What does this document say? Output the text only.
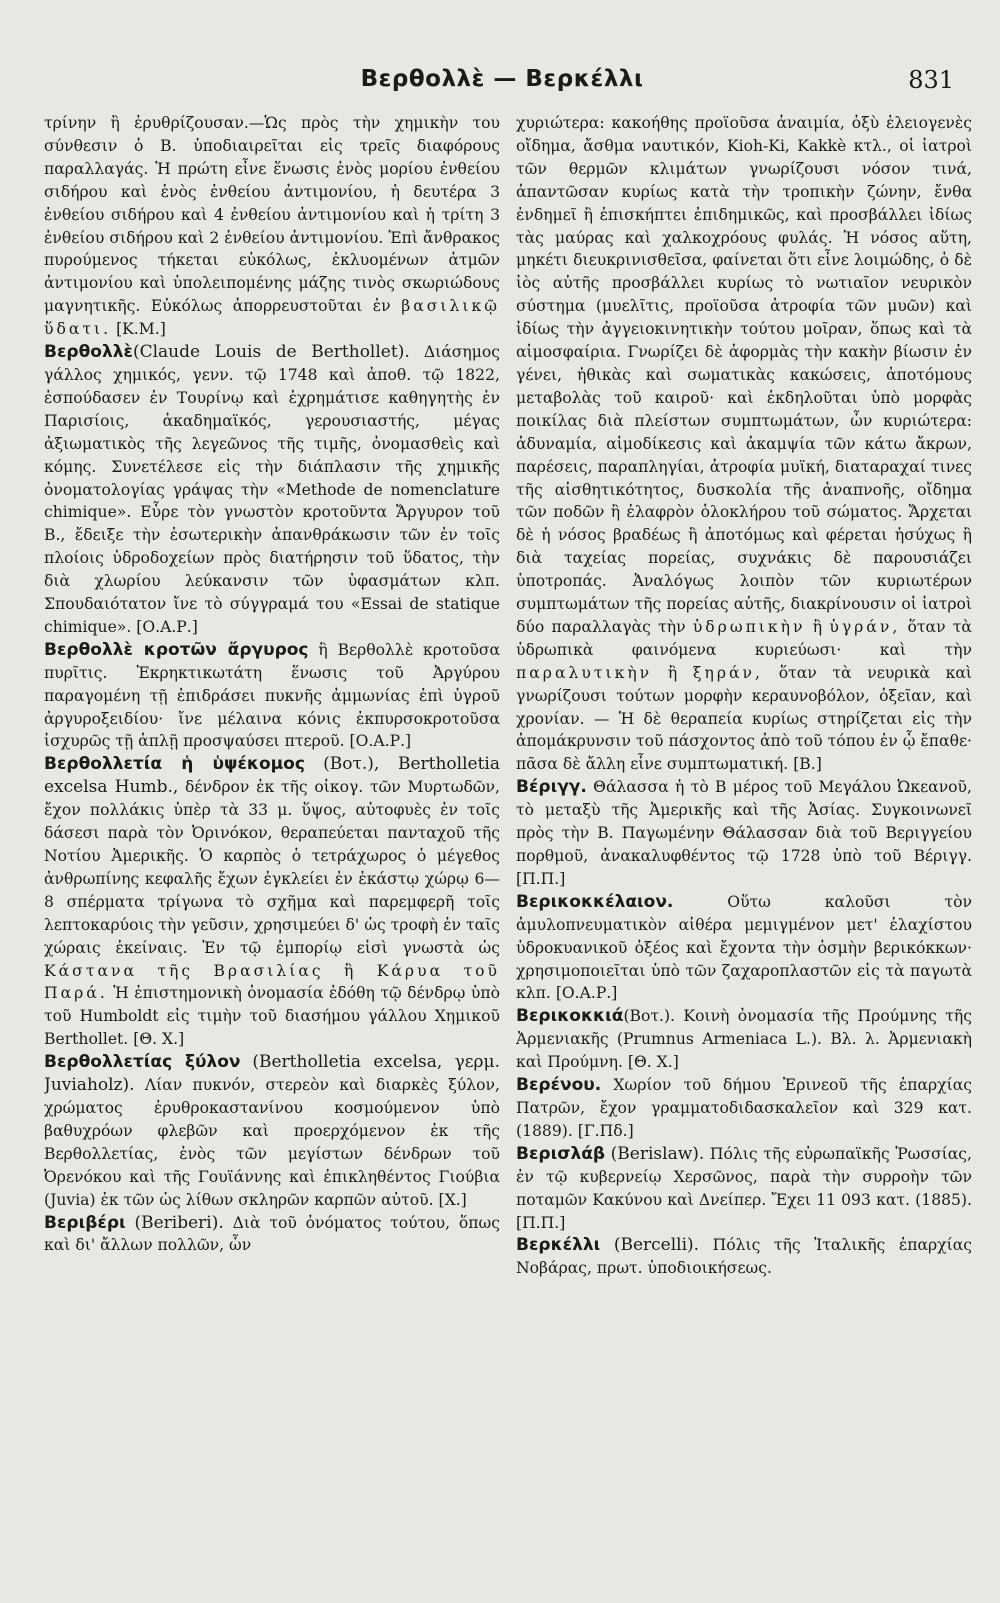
Βερθολλὲ — Βερκέλλι	831

τρίνην ἢ ἐρυθρίζουσαν.—Ὡς πρὸς τὴν χημικὴν του σύνθεσιν ὁ Β. ὑποδιαιρεῖται εἰς τρεῖς διαφόρους παραλλαγάς. Ἡ πρώτη εἶνε ἕνωσις ἑνὸς μορίου ἐνθείου σιδήρου καὶ ἑνὸς ἐνθείου ἀντιμονίου, ἡ δευτέρα 3 ἐνθείου σιδήρου καὶ 4 ἐνθείου ἀντιμονίου καὶ ἡ τρίτη 3 ἐνθείου σιδήρου καὶ 2 ἐνθείου ἀντιμονίου. Ἐπὶ ἄνθρακος πυρούμενος τήκεται εὐκόλως, ἐκλυομένων ἀτμῶν ἀντιμονίου καὶ ὑπολειπομένης μάζης τινὸς σκωριώδους μαγνητικῆς. Εὐκόλως ἀπορρευστοῦται ἐν βασιλικῷ ὕδατι. [Κ.Μ.]

Βερθολλὲ(Claude Louis de Berthollet). Διάσημος γάλλος χημικός, γενν. τῷ 1748 καὶ ἀποθ. τῷ 1822, ἐσπούδασεν ἐν Τουρίνῳ καὶ ἐχρημάτισε καθηγητὴς ἐν Παρισίοις, ἀκαδημαϊκός, γερουσιαστής, μέγας ἀξιωματικὸς τῆς λεγεῶνος τῆς τιμῆς, ὀνομασθεὶς καὶ κόμης. Συνετέλεσε εἰς τὴν διάπλασιν τῆς χημικῆς ὀνοματολογίας γράψας τὴν «Methode de nomenclature chimique». Εὗρε τὸν γνωστὸν κροτοῦντα Ἄργυρον τοῦ Β., ἔδειξε τὴν ἐσωτερικὴν ἀπανθράκωσιν τῶν ἐν τοῖς πλοίοις ὑδροδοχείων πρὸς διατήρησιν τοῦ ὕδατος, τὴν διὰ χλωρίου λεύκανσιν τῶν ὑφασμάτων κλπ. Σπουδαιότατον ἴνε τὸ σύγγραμά του «Essai de statique chimique». [Ο.Α.Ρ.]

Βερθολλὲ κροτῶν ἄργυρος ἢ Βερθολλὲ κροτοῦσα πυρῖτις. Ἐκρηκτικωτάτη ἕνωσις τοῦ Ἀργύρου παραγομένη τῇ ἐπιδράσει πυκνῆς ἀμμωνίας ἐπὶ ὑγροῦ ἀργυροξειδίου· ἴνε μέλαινα κόνις ἐκπυρσοκροτοῦσα ἰσχυρῶς τῇ ἁπλῇ προσψαύσει πτεροῦ. [Ο.Α.Ρ.]

Βερθολλετία ἡ ὑψέκομος (Βοτ.), Bertholletia excelsa Humb., δένδρον ἐκ τῆς οἰκογ. τῶν Μυρτωδῶν, ἔχον πολλάκις ὑπὲρ τὰ 33 μ. ὕψος, αὐτοφυὲς ἐν τοῖς δάσεσι παρὰ τὸν Ὀρινόκον, θεραπεύεται πανταχοῦ τῆς Νοτίου Ἀμερικῆς. Ὁ καρπὸς ὁ τετράχωρος ὁ μέγεθος ἀνθρωπίνης κεφαλῆς ἔχων ἐγκλείει ἐν ἑκάστῳ χώρῳ 6—8 σπέρματα τρίγωνα τὸ σχῆμα καὶ παρεμφερῆ τοῖς λεπτοκαρύοις τὴν γεῦσιν, χρησιμεύει δ' ὡς τροφὴ ἐν ταῖς χώραις ἐκείναις. Ἐν τῷ ἐμπορίῳ εἰσὶ γνωστὰ ὡς Κάστανα τῆς Βρασιλίας ἢ Κάρυα τοῦ Παρά. Ἡ ἐπιστημονικὴ ὀνομασία ἐδόθη τῷ δένδρῳ ὑπὸ τοῦ Humboldt εἰς τιμὴν τοῦ διασήμου γάλλου Χημικοῦ Berthollet. [Θ. Χ.]

Βερθολλετίας ξύλον (Bertholletia excelsa, γερμ. Juviaholz). Λίαν πυκνόν, στερεὸν καὶ διαρκὲς ξύλον, χρώματος ἐρυθροκαστανίνου κοσμούμενον ὑπὸ βαθυχρόων φλεβῶν καὶ προερχόμενον ἐκ τῆς Βερθολλετίας, ἑνὸς τῶν μεγίστων δένδρων τοῦ Ὀρενόκου καὶ τῆς Γουϊάννης καὶ ἐπικληθέντος Γιούβια (Juvia) ἐκ τῶν ὡς λίθων σκληρῶν καρπῶν αὐτοῦ. [Χ.]

Βεριβέρι (Beriberi). Διὰ τοῦ ὀνόματος τούτου, ὅπως καὶ δι' ἄλλων πολλῶν, ὧν

χυριώτερα: κακοήθης προϊοῦσα ἀναιμία, ὀξὺ ἑλειογενὲς οἴδημα, ἄσθμα ναυτικόν, Kioh-Ki, Kakkè κτλ., οἱ ἰατροὶ τῶν θερμῶν κλιμάτων γνωρίζουσι νόσον τινά, ἀπαντῶσαν κυρίως κατὰ τὴν τροπικὴν ζώνην, ἔνθα ἐνδημεῖ ἢ ἐπισκήπτει ἐπιδημικῶς, καὶ προσβάλλει ἰδίως τὰς μαύρας καὶ χαλκοχρόους φυλάς. Ἡ νόσος αὕτη, μηκέτι διευκρινισθεῖσα, φαίνεται ὅτι εἶνε λοιμώδης, ὁ δὲ ἰὸς αὐτῆς προσβάλλει κυρίως τὸ νωτιαῖον νευρικὸν σύστημα (μυελῖτις, προϊοῦσα ἀτροφία τῶν μυῶν) καὶ ἰδίως τὴν ἀγγειοκινητικὴν τούτου μοῖραν, ὅπως καὶ τὰ αἱμοσφαίρια. Γνωρίζει δὲ ἀφορμὰς τὴν κακὴν βίωσιν ἐν γένει, ἠθικὰς καὶ σωματικὰς κακώσεις, ἀποτόμους μεταβολὰς τοῦ καιροῦ· καὶ ἐκδηλοῦται ὑπὸ μορφὰς ποικίλας διὰ πλείστων συμπτωμάτων, ὧν κυριώτερα: ἀδυναμία, αἱμοδίκεσις καὶ ἀκαμψία τῶν κάτω ἄκρων, παρέσεις, παραπληγίαι, ἀτροφία μυϊκή, διαταραχαί τινες τῆς αἰσθητικότητος, δυσκολία τῆς ἀναπνοῆς, οἴδημα τῶν ποδῶν ἢ ἐλαφρὸν ὁλοκλήρου τοῦ σώματος. Ἄρχεται δὲ ἡ νόσος βραδέως ἢ ἀποτόμως καὶ φέρεται ἡσύχως ἢ διὰ ταχείας πορείας, συχνάκις δὲ παρουσιάζει ὑποτροπάς. Ἀναλόγως λοιπὸν τῶν κυριωτέρων συμπτωμάτων τῆς πορείας αὐτῆς, διακρίνουσιν οἱ ἰατροὶ δύο παραλλαγὰς τὴν ὑδρωπικὴν ἢ ὑγράν, ὅταν τὰ ὑδρωπικὰ φαινόμενα κυριεύωσι· καὶ τὴν παραλυτικὴν ἢ ξηράν, ὅταν τὰ νευρικὰ καὶ γνωρίζουσι τούτων μορφὴν κεραυνοβόλον, ὀξεῖαν, καὶ χρονίαν. — Ἡ δὲ θεραπεία κυρίως στηρίζεται εἰς τὴν ἀπομάκρυνσιν τοῦ πάσχοντος ἀπὸ τοῦ τόπου ἐν ᾧ ἔπαθε· πᾶσα δὲ ἄλλη εἶνε συμπτωματική. [Β.]

Βέριγγ. Θάλασσα ἡ τὸ Β μέρος τοῦ Μεγάλου Ὠκεανοῦ, τὸ μεταξὺ τῆς Ἀμερικῆς καὶ τῆς Ἀσίας. Συγκοινωνεῖ πρὸς τὴν Β. Παγωμένην Θάλασσαν διὰ τοῦ Βεριγγείου πορθμοῦ, ἀνακαλυφθέντος τῷ 1728 ὑπὸ τοῦ Βέριγγ. [Π.Π.]

Βερικοκκέλαιον.	Οὕτω καλοῦσι τὸν ἀμυλοπνευματικὸν αἰθέρα μεμιγμένον μετ' ἐλαχίστου ὑδροκυανικοῦ ὀξέος καὶ ἔχοντα τὴν ὀσμὴν βερικόκκων· χρησιμοποιεῖται ὑπὸ τῶν ζαχαροπλαστῶν εἰς τὰ παγωτὰ κλπ. [Ο.Α.Ρ.]

Βερικοκκιά(Βοτ.). Κοινὴ ὀνομασία τῆς Προύμνης τῆς Ἀρμενιακῆς (Prumnus Armeniaca L.). Βλ. λ. Ἀρμενιακὴ καὶ Προύμνη. [Θ. Χ.]

Βερένου. Χωρίον τοῦ δήμου Ἐρινεοῦ τῆς ἐπαρχίας Πατρῶν, ἔχον γραμματοδιδασκαλεῖον καὶ 329 κατ. (1889). [Γ.Πδ.]

Βερισλάβ (Berislaw). Πόλις τῆς εὐρωπαϊκῆς Ῥωσσίας, ἐν τῷ κυβερνείῳ Χερσῶνος, παρὰ τὴν συρροὴν τῶν ποταμῶν Κακύνου καὶ Δνείπερ. Ἔχει 11 093 κατ. (1885). [Π.Π.]

Βερκέλλι (Bercelli). Πόλις τῆς Ἰταλικῆς ἐπαρχίας Νοβάρας, πρωτ. ὑποδιοικήσεως.
